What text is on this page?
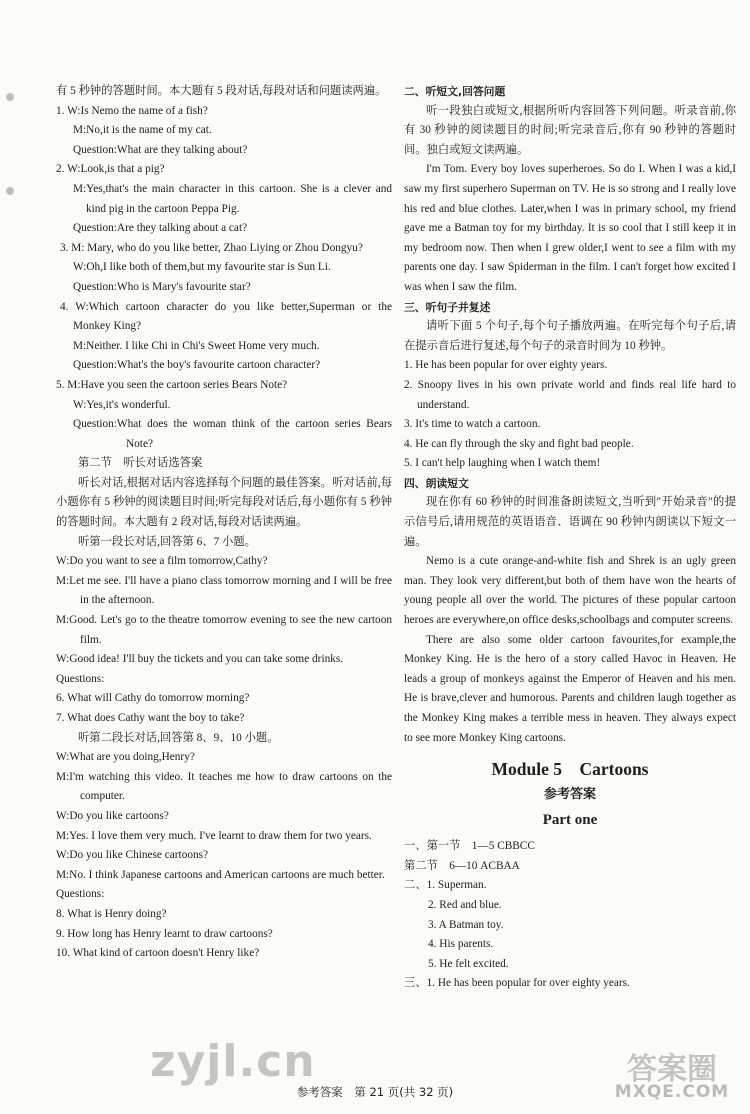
有 5 秒钟的答题时间。本大题有 5 段对话,每段对话和问题读两遍。

1. W:Is Nemo the name of a fish?

M:No,it is the name of my cat.

Question:What are they talking about?

2. W:Look,is that a pig?

M:Yes,that's the main character in this cartoon. She is a clever and kind pig in the cartoon Peppa Pig.

Question:Are they talking about a cat?

3. M: Mary, who do you like better, Zhao Liying or Zhou Dongyu?

W:Oh,I like both of them,but my favourite star is Sun Li.

Question:Who is Mary's favourite star?

4. W:Which cartoon character do you like better,Superman or the Monkey King?

M:Neither. I like Chi in Chi's Sweet Home very much.

Question:What's the boy's favourite cartoon character?

5. M:Have you seen the cartoon series Bears Note?

W:Yes,it's wonderful.

Question:What does the woman think of the cartoon series Bears Note?

第二节　听长对话选答案

听长对话,根据对话内容选择每个问题的最佳答案。听对话前,每小题你有 5 秒钟的阅读题目时间;听完每段对话后,每小题你有 5 秒钟的答题时间。本大题有 2 段对话,每段对话读两遍。

听第一段长对话,回答第 6、7 小题。

W:Do you want to see a film tomorrow,Cathy?

M:Let me see. I'll have a piano class tomorrow morning and I will be free in the afternoon.

M:Good. Let's go to the theatre tomorrow evening to see the new cartoon film.

W:Good idea! I'll buy the tickets and you can take some drinks.

Questions:

6. What will Cathy do tomorrow morning?

7. What does Cathy want the boy to take?

听第二段长对话,回答第 8、9、10 小题。

W:What are you doing,Henry?

M:I'm watching this video. It teaches me how to draw cartoons on the computer.

W:Do you like cartoons?

M:Yes. I love them very much. I've learnt to draw them for two years.

W:Do you like Chinese cartoons?

M:No. I think Japanese cartoons and American cartoons are much better.

Questions:

8. What is Henry doing?

9. How long has Henry learnt to draw cartoons?

10. What kind of cartoon doesn't Henry like?

二、听短文,回答问题

听一段独白或短文,根据所听内容回答下列问题。听录音前,你有 30 秒钟的阅读题目的时间;听完录音后,你有 90 秒钟的答题时间。独白或短文读两遍。

I'm Tom. Every boy loves superheroes. So do I. When I was a kid,I saw my first superhero Superman on TV. He is so strong and I really love his red and blue clothes. Later,when I was in primary school, my friend gave me a Batman toy for my birthday. It is so cool that I still keep it in my bedroom now. Then when I grew older,I went to see a film with my parents one day. I saw Spiderman in the film. I can't forget how excited I was when I saw the film.

三、听句子并复述

请听下面 5 个句子,每个句子播放两遍。在听完每个句子后,请在提示音后进行复述,每个句子的录音时间为 10 秒钟。

1. He has been popular for over eighty years.

2. Snoopy lives in his own private world and finds real life hard to understand.

3. It's time to watch a cartoon.

4. He can fly through the sky and fight bad people.

5. I can't help laughing when I watch them!

四、朗读短文

现在你有 60 秒钟的时间准备朗读短文,当听到"开始录音"的提示信号后,请用规范的英语语音、语调在 90 秒钟内朗读以下短文一遍。

Nemo is a cute orange-and-white fish and Shrek is an ugly green man. They look very different,but both of them have won the hearts of young people all over the world. The pictures of these popular cartoon heroes are everywhere,on office desks,schoolbags and computer screens.

There are also some older cartoon favourites,for example,the Monkey King. He is the hero of a story called Havoc in Heaven. He leads a group of monkeys against the Emperor of Heaven and his men. He is brave,clever and humorous. Parents and children laugh together as the Monkey King makes a terrible mess in heaven. They always expect to see more Monkey King cartoons.

Module 5　Cartoons

参考答案

Part one

一、第一节　1—5 CBBCC

第二节　6—10 ACBAA

二、1. Superman.

2. Red and blue.

3. A Batman toy.

4. His parents.

5. He felt excited.

三、1. He has been popular for over eighty years.

参考答案　第 21 页(共 32 页)
zyjl.cn	答案圈
MXQE.COM
